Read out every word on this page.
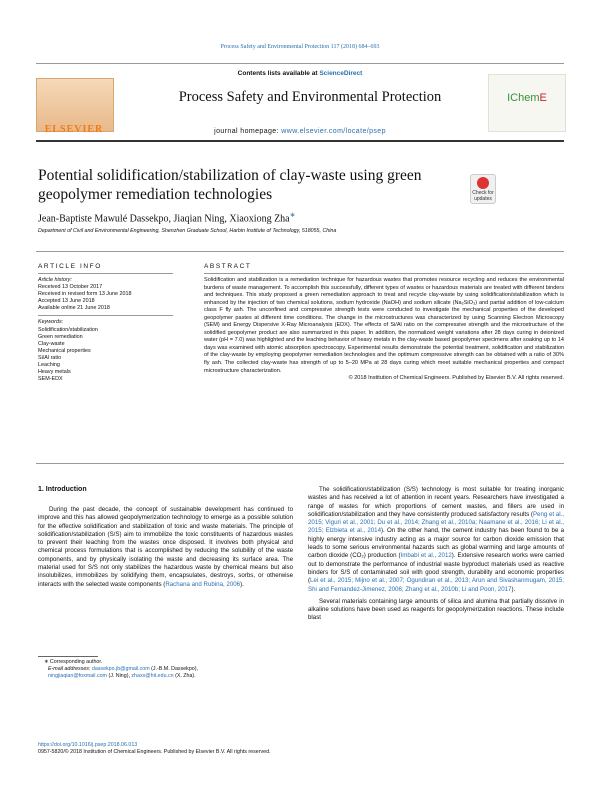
Process Safety and Environmental Protection 117 (2018) 684–693
ELSEVIER
Contents lists available at ScienceDirect
Process Safety and Environmental Protection
journal homepage: www.elsevier.com/locate/psep
IChemE
Potential solidification/stabilization of clay-waste using green geopolymer remediation technologies	Check for updates
Jean-Baptiste Mawulé Dassekpo, Jiaqian Ning, Xiaoxiong Zha∗
Department of Civil and Environmental Engineering, Shenzhen Graduate School, Harbin Institute of Technology, 518055, China
ARTICLE INFO	ABSTRACT
Article history:
Received 13 October 2017
Received in revised form 13 June 2018
Accepted 13 June 2018
Available online 21 June 2018
Keywords:
Solidification/stabilization
Green remediation
Clay-waste
Mechanical properties
Si/Al ratio
Leaching
Heavy metals
SEM-EDX

Solidification and stabilization is a remediation technique for hazardous wastes that promotes resource recycling and reduces the environmental burdens of waste management. To accomplish this successfully, different types of wastes or hazardous materials are treated with different binders and techniques. This study proposed a green remediation approach to treat and recycle clay-waste by using solidification/stabilization which is enhanced by the injection of two chemical solutions, sodium hydroxide (NaOH) and sodium silicate (Na₂SiO₃) and partial addition of low-calcium class F fly ash. The unconfined and compressive strength tests were conducted to investigate the mechanical properties of the developed geopolymer pastes at different time conditions. The change in the microstructures was characterized by using Scanning Electron Microscopy (SEM) and Energy Dispersive X-Ray Microanalysis (EDX). The effects of Si/Al ratio on the compressive strength and the microstructure of the solidified geopolymer product are also summarized in this paper. In addition, the normalized weight variations after 28 days curing in deionized water (pH = 7.0) was highlighted and the leaching behavior of heavy metals in the clay-waste based geopolymer specimens after soaking up to 14 days was examined with atomic absorption spectroscopy. Experimental results demonstrate the potential treatment, solidification and stabilization of the clay-waste by employing geopolymer remediation technologies and the optimum compressive strength can be obtained with a ratio of 30% fly ash. The collected clay-waste has strength of up to 5–20 MPa at 28 days curing which meet suitable mechanical properties and compact microstructure characterization.

© 2018 Institution of Chemical Engineers. Published by Elsevier B.V. All rights reserved.

1. Introduction

During the past decade, the concept of sustainable development has continued to improve and this has allowed geopolymerization technology to emerge as a possible solution for the effective solidification and stabilization of toxic and waste materials. The principle of solidification/stabilization (S/S) aim to immobilize the toxic constituents of hazardous wastes to prevent their leaching from the wastes once disposed. It involves both physical and chemical process formulations that is accomplished by reducing the solubility of the waste components, and by physically isolating the waste and decreasing its surface area. The material used for S/S not only stabilizes the hazardous waste by chemical means but also insolubilizes, immobilizes by solidifying them, encapsulates, destroys, sorbs, or otherwise interacts with the selected waste components (Rachana and Rubina, 2006).

The solidification/stabilization (S/S) technology is most suitable for treating inorganic wastes and has received a lot of attention in recent years. Researchers have investigated a range of wastes for which proportions of cement wastes, and fillers are used in solidification/stabilization and they have consistently produced satisfactory results (Peng et al., 2015; Viguri et al., 2001; Du et al., 2014; Zhang et al., 2010a; Naamane et al., 2016; Li et al., 2015; Elzbieta et al., 2014). On the other hand, the cement industry has been found to be a highly energy intensive industry acting as a major source for carbon dioxide emission that leads to some serious environmental hazards such as global warming and large amounts of carbon dioxide (CO₂) production (Imbabi et al., 2012). Extensive research works were carried out to demonstrate the performance of industrial waste byproduct materials used as reactive binders for S/S of contaminated soil with good strength, durability and economic properties (Lei et al., 2015; Mijno et al., 2007; Ogundiran et al., 2013; Arun and Sivashanmugam, 2015; Shi and Fernandez-Jimenez, 2006; Zhang et al., 2010b; Li and Poon, 2017).

Several materials containing large amounts of silica and alumina that partially dissolve in alkaline solutions have been used as reagents for geopolymerization reactions. These include blast

∗ Corresponding author.
E-mail addresses: dassekpo.jb@gmail.com (J.-B.M. Dassekpo),
ningjiaqian@foxmail.com (J. Ning), zhaxx@hit.edu.cn (X. Zha).
https://doi.org/10.1016/j.psep.2018.06.013
0957-5820/© 2018 Institution of Chemical Engineers. Published by Elsevier B.V. All rights reserved.
